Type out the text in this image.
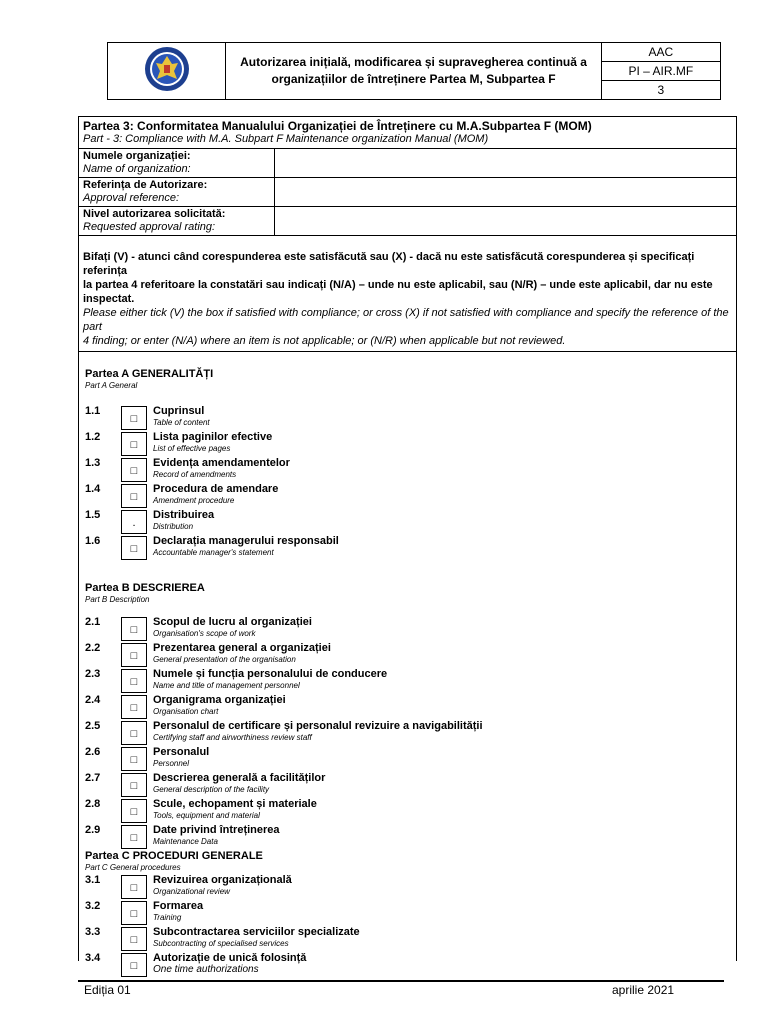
Autorizarea inițială, modificarea și supravegherea continuă a
organizațiilor de întreținere Partea M, Subpartea F
	AAC
PI – AIR.MF
3
Partea 3: Conformitatea Manualului Organizației de Întreținere cu M.A.Subpartea F (MOM)
Part - 3: Compliance with M.A. Subpart F Maintenance organization Manual (MOM)
Numele organizației:
Name of organization:	

Referința de Autorizare:
Approval reference:	

Nivel autorizarea solicitată:
Requested approval rating:	

Bifați (V) - atunci când corespunderea este satisfăcută sau (X) - dacă nu este satisfăcută corespunderea și specificați referința
la partea 4 referitoare la constatări sau indicați (N/A) – unde nu este aplicabil, sau (N/R) – unde este aplicabil, dar nu este
inspectat.
Please either tick (V) the box if satisfied with compliance; or cross (X) if not satisfied with compliance and specify the reference of the part
4 finding; or enter (N/A) where an item is not applicable; or (N/R) when applicable but not reviewed.
Partea A GENERALITĂȚI
Part A General
1.1
□
Cuprinsul
Table of content
1.2
□
Lista paginilor efective
List of effective pages
1.3
□
Evidența amendamentelor
Record of amendments
1.4
□
Procedura de amendare
Amendment procedure
1.5
.
Distribuirea
Distribution
1.6
□
Declarația managerului responsabil
Accountable manager's statement
Partea B DESCRIEREA
Part B Description
2.1
□
Scopul de lucru al organizației
Organisation's scope of work
2.2
□
Prezentarea general a organizației
General presentation of the organisation
2.3
□
Numele și funcția personalului de conducere
Name and title of management personnel
2.4
□
Organigrama organizației
Organisation chart
2.5
□
Personalul de certificare și personalul revizuire a navigabilității
Certifying staff and airworthiness review staff
2.6
□
Personalul
Personnel
2.7
□
Descrierea generală a facilităților
General description of the facility
2.8
□
Scule, echopament și materiale
Tools, equipment and material
2.9
□
Date privind întreținerea
Maintenance Data
Partea C PROCEDURI GENERALE
Part C General procedures
3.1
□
Revizuirea organizațională
Organizational review
3.2
□
Formarea
Training
3.3
□
Subcontractarea serviciilor specializate
Subcontracting of specialised services
3.4
□
Autorizație de unică folosință
One time authorizations
Ediția 01	aprilie 2021
